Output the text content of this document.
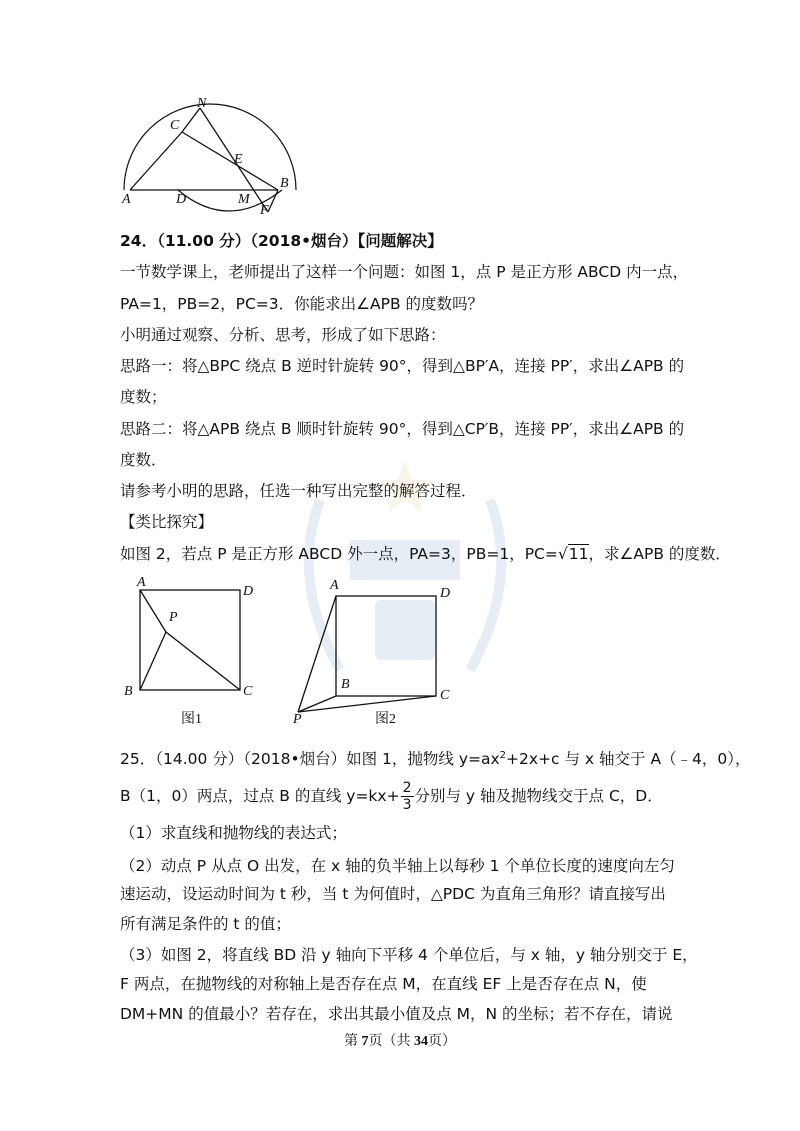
N
C
E
A	D	M
B
F
24．（11.00 分）（2018•烟台）【问题解决】
一节数学课上，老师提出了这样一个问题：如图 1，点 P 是正方形 ABCD 内一点，
PA=1，PB=2，PC=3．你能求出∠APB 的度数吗？
小明通过观察、分析、思考，形成了如下思路：
思路一：将△BPC 绕点 B 逆时针旋转 90°，得到△BP′A，连接 PP′，求出∠APB 的
度数；
思路二：将△APB 绕点 B 顺时针旋转 90°，得到△CP′B，连接 PP′，求出∠APB 的
度数．
请参考小明的思路，任选一种写出完整的解答过程．
【类比探究】
如图 2，若点 P 是正方形 ABCD 外一点，PA=3，PB=1，PC=√11，求∠APB 的度数．
A
D
P
B	C
图1
A
D
B
C
P	图2
25．（14.00 分）（2018•烟台）如图 1，抛物线 $y=ax^2+2x+c$ 与 x 轴交于 A（﹣4，0），
B（1，0）两点，过点 B 的直线 $y=kx+ \frac{2}{3}$ 分别与 y 轴及抛物线交于点 C，D．
（1）求直线和抛物线的表达式；
（2）动点 P 从点 O 出发，在 x 轴的负半轴上以每秒 1 个单位长度的速度向左匀
速运动，设运动时间为 t 秒，当 t 为何值时，△PDC 为直角三角形？请直接写出
所有满足条件的 t 的值；
（3）如图 2，将直线 BD 沿 y 轴向下平移 4 个单位后，与 x 轴，y 轴分别交于 E，
F 两点，在抛物线的对称轴上是否存在点 M，在直线 EF 上是否存在点 N，使
DM+MN 的值最小？若存在，求出其最小值及点 M，N 的坐标；若不存在，请说
第 7页（共 34页）
